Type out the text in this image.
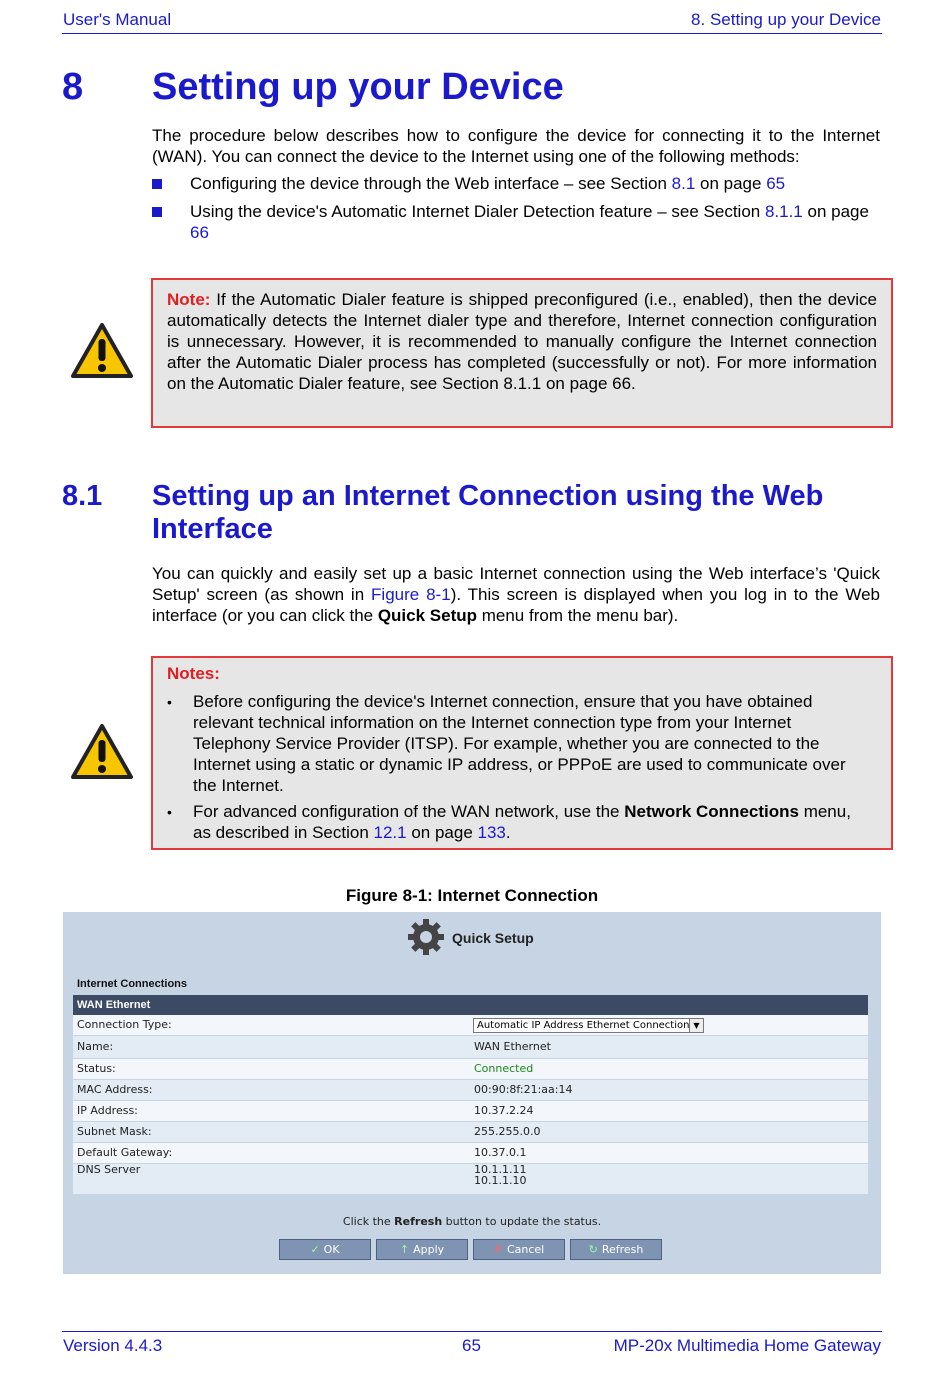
User's Manual	8. Setting up your Device
8 Setting up your Device
The procedure below describes how to configure the device for connecting it to the Internet (WAN). You can connect the device to the Internet using one of the following methods:
Configuring the device through the Web interface – see Section 8.1 on page 65
Using the device's Automatic Internet Dialer Detection feature – see Section 8.1.1 on page 66
Note: If the Automatic Dialer feature is shipped preconfigured (i.e., enabled), then the device automatically detects the Internet dialer type and therefore, Internet connection configuration is unnecessary. However, it is recommended to manually configure the Internet connection after the Automatic Dialer process has completed (successfully or not). For more information on the Automatic Dialer feature, see Section 8.1.1 on page 66.
8.1 Setting up an Internet Connection using the Web Interface
You can quickly and easily set up a basic Internet connection using the Web interface’s 'Quick Setup' screen (as shown in Figure 8-1). This screen is displayed when you log in to the Web interface (or you can click the Quick Setup menu from the menu bar).
Notes:
• Before configuring the device's Internet connection, ensure that you have obtained relevant technical information on the Internet connection type from your Internet Telephony Service Provider (ITSP). For example, whether you are connected to the Internet using a static or dynamic IP address, or PPPoE are used to communicate over the Internet.
• For advanced configuration of the WAN network, use the Network Connections menu, as described in Section 12.1 on page 133.
Figure 8-1: Internet Connection
Quick Setup
Internet Connections
WAN Ethernet
Connection Type:	Automatic IP Address Ethernet Connection ▼
Name:	WAN Ethernet
Status:	Connected
MAC Address:	00:90:8f:21:aa:14
IP Address:	10.37.2.24
Subnet Mask:	255.255.0.0
Default Gateway:	10.37.0.1
DNS Server	10.1.1.11
10.1.1.10
Click the Refresh button to update the status.
✓ OK	↑ Apply	✗ Cancel	↻ Refresh
Version 4.4.3	65	MP-20x Multimedia Home Gateway
